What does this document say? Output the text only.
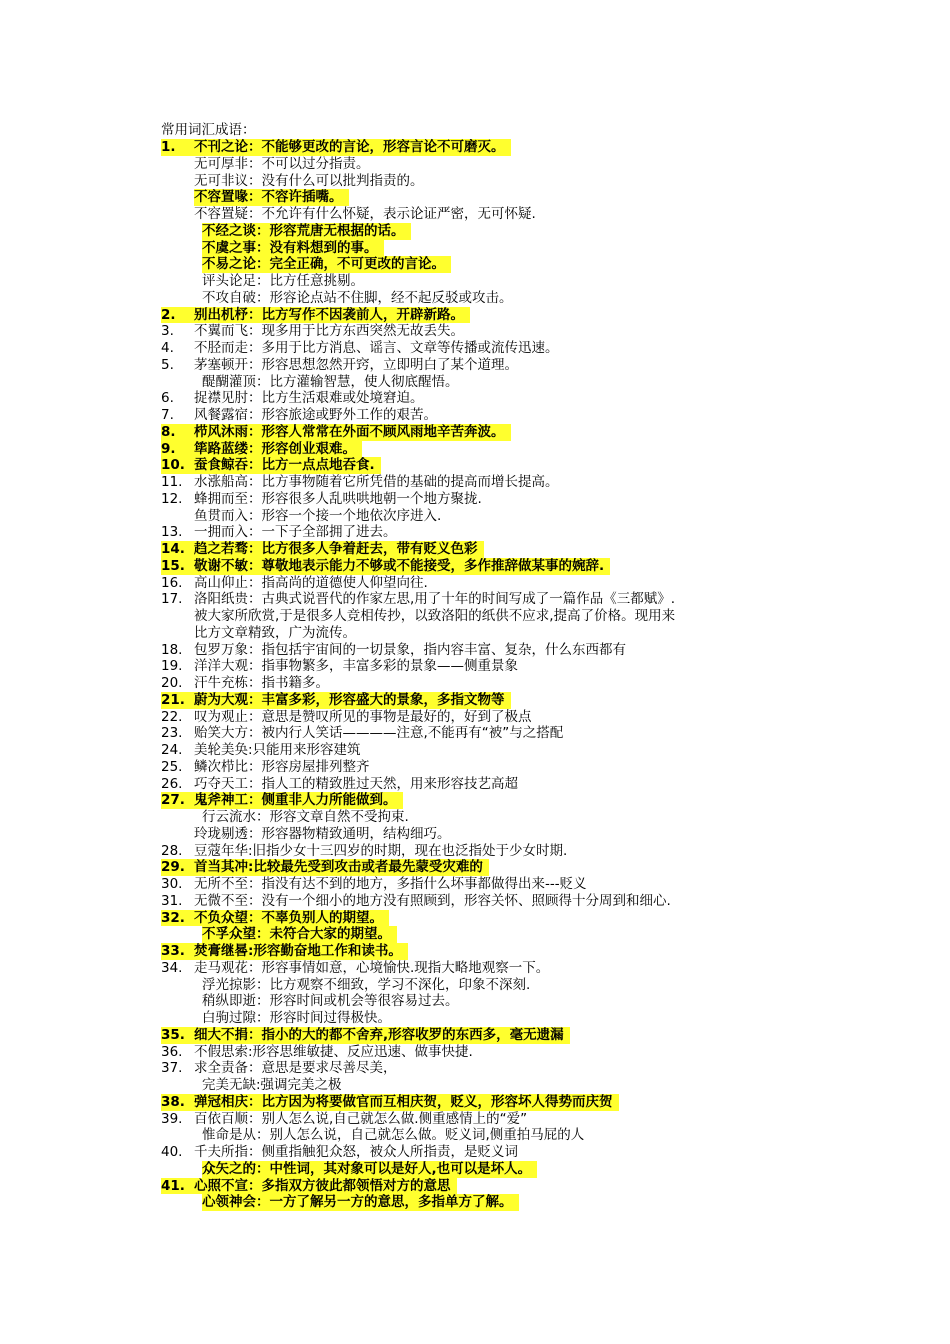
常用词汇成语：
1.	不刊之论：不能够更改的言论，形容言论不可磨灭。
无可厚非：不可以过分指责。
无可非议：没有什么可以批判指责的。
不容置喙：不容许插嘴。
不容置疑：不允许有什么怀疑，表示论证严密，无可怀疑.
不经之谈：形容荒唐无根据的话。
不虞之事：没有料想到的事。
不易之论：完全正确，不可更改的言论。
评头论足：比方任意挑剔。
不攻自破：形容论点站不住脚，经不起反驳或攻击。
2.	别出机杼：比方写作不因袭前人，开辟新路。
3. 不翼而飞：现多用于比方东西突然无故丢失。
4. 不胫而走：多用于比方消息、谣言、文章等传播或流传迅速。
5. 茅塞顿开：形容思想忽然开窍，立即明白了某个道理。
醍醐灌顶：比方灌输智慧，使人彻底醒悟。
6. 捉襟见肘：比方生活艰难或处境窘迫。
7. 风餐露宿：形容旅途或野外工作的艰苦。
8.	栉风沐雨：形容人常常在外面不顾风雨地辛苦奔波。
9.	筚路蓝缕：形容创业艰难。
10. 蚕食鲸吞：比方一点点地吞食.
11. 水涨船高：比方事物随着它所凭借的基础的提高而增长提高。
12. 蜂拥而至：形容很多人乱哄哄地朝一个地方聚拢.
鱼贯而入：形容一个接一个地依次序进入.
13. 一拥而入：一下子全部拥了进去。
14. 趋之若骛：比方很多人争着赶去，带有贬义色彩
15. 敬谢不敏：尊敬地表示能力不够或不能接受，多作推辞做某事的婉辞.
16. 高山仰止：指高尚的道德使人仰望向往.
17. 洛阳纸贵：古典式说晋代的作家左思,用了十年的时间写成了一篇作品《三都赋》.
被大家所欣赏,于是很多人竞相传抄，以致洛阳的纸供不应求,提高了价格。现用来
比方文章精致，广为流传。
18. 包罗万象：指包括宇宙间的一切景象，指内容丰富、复杂，什么东西都有
19. 洋洋大观：指事物繁多，丰富多彩的景象——侧重景象
20. 汗牛充栋：指书籍多。
21. 蔚为大观：丰富多彩，形容盛大的景象，多指文物等
22. 叹为观止：意思是赞叹所见的事物是最好的，好到了极点
23. 贻笑大方：被内行人笑话————注意,不能再有“被”与之搭配
24. 美轮美奂:只能用来形容建筑
25. 鳞次栉比：形容房屋排列整齐
26. 巧夺天工：指人工的精致胜过天然，用来形容技艺高超
27. 鬼斧神工：侧重非人力所能做到。
行云流水：形容文章自然不受拘束.
玲珑剔透：形容器物精致通明，结构细巧。
28. 豆蔻年华:旧指少女十三四岁的时期，现在也泛指处于少女时期.
29. 首当其冲:比较最先受到攻击或者最先蒙受灾难的
30. 无所不至：指没有达不到的地方，多指什么坏事都做得出来---贬义
31. 无微不至：没有一个细小的地方没有照顾到，形容关怀、照顾得十分周到和细心.
32. 不负众望：不辜负别人的期望。
不孚众望：未符合大家的期望。
33. 焚膏继晷:形容勤奋地工作和读书。
34. 走马观花：形容事情如意，心境愉快.现指大略地观察一下。
浮光掠影：比方观察不细致，学习不深化，印象不深刻.
稍纵即逝：形容时间或机会等很容易过去。
白驹过隙：形容时间过得极快。
35. 细大不捐：指小的大的都不舍弃,形容收罗的东西多，毫无遗漏
36. 不假思索:形容思维敏捷、反应迅速、做事快捷.
37. 求全责备：意思是要求尽善尽美，
完美无缺:强调完美之极
38. 弹冠相庆：比方因为将要做官而互相庆贺，贬义，形容坏人得势而庆贺
39. 百依百顺：别人怎么说,自己就怎么做.侧重感情上的“爱”
惟命是从：别人怎么说，自己就怎么做。贬义词,侧重拍马屁的人
40. 千夫所指：侧重指触犯众怒，被众人所指责，是贬义词
众矢之的：中性词，其对象可以是好人,也可以是坏人。
41. 心照不宣：多指双方彼此都领悟对方的意思
心领神会：一方了解另一方的意思，多指单方了解。
